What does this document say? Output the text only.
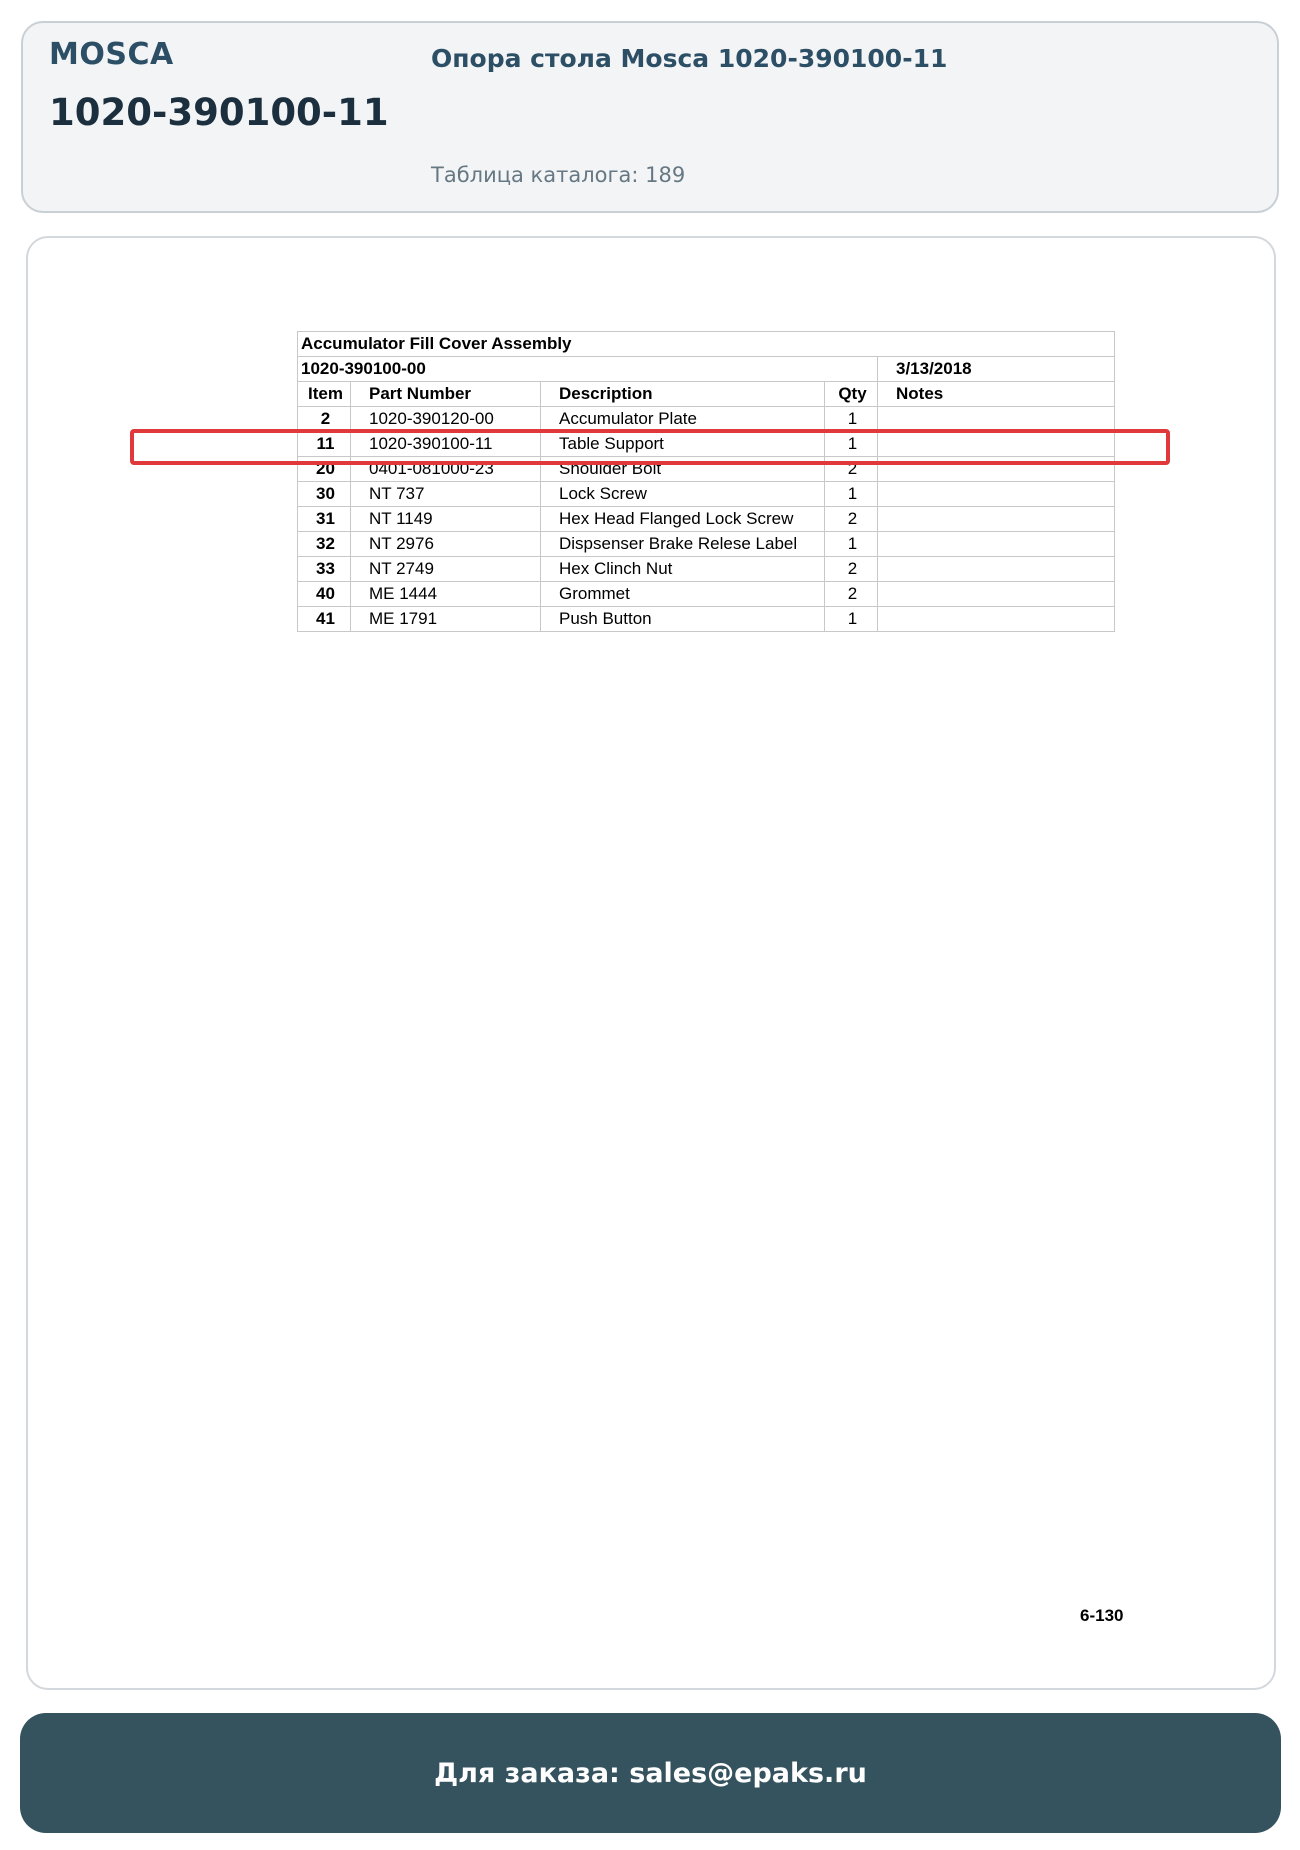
MOSCA
1020-390100-11
Опора стола Mosca 1020-390100-11
Таблица каталога: 189
Accumulator Fill Cover Assembly				
1020-390100-00				3/13/2018
Item	Part Number	Description	Qty	Notes
2	1020-390120-00	Accumulator Plate	1	
11	1020-390100-11	Table Support	1	
20	0401-081000-23	Shoulder Bolt	2	
30	NT 737	Lock Screw	1	
31	NT 1149	Hex Head Flanged Lock Screw	2	
32	NT 2976	Dispsenser Brake Relese Label	1	
33	NT 2749	Hex Clinch Nut	2	
40	ME 1444	Grommet	2	
41	ME 1791	Push Button	1	
6-130
Для заказа: sales@epaks.ru
